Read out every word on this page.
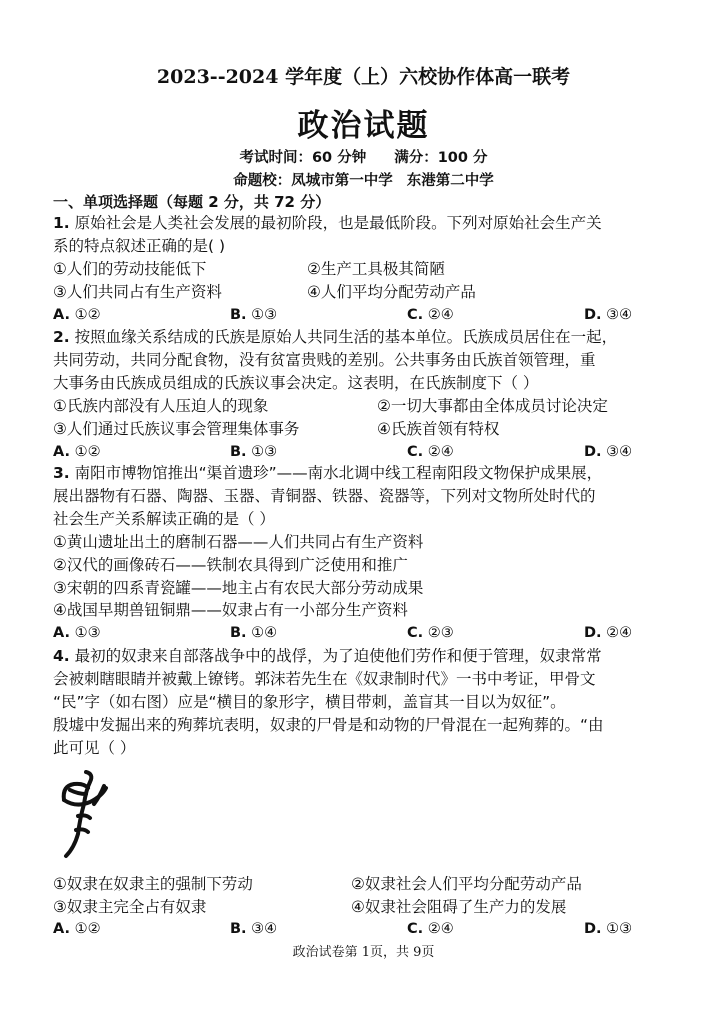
2023--2024 学年度（上）六校协作体高一联考
政治试题
考试时间：60 分钟 满分：100 分
命题校：凤城市第一中学 东港第二中学
一、单项选择题（每题 2 分，共 72 分）
1. 原始社会是人类社会发展的最初阶段，也是最低阶段。下列对原始社会生产关
系的特点叙述正确的是( )
①人们的劳动技能低下	②生产工具极其简陋
③人们共同占有生产资料	④人们平均分配劳动产品
A. ①②	B. ①③	C. ②④	D. ③④
2. 按照血缘关系结成的氏族是原始人共同生活的基本单位。氏族成员居住在一起，
共同劳动，共同分配食物，没有贫富贵贱的差别。公共事务由氏族首领管理，重
大事务由氏族成员组成的氏族议事会决定。这表明，在氏族制度下（ ）
①氏族内部没有人压迫人的现象	②一切大事都由全体成员讨论决定
③人们通过氏族议事会管理集体事务	④氏族首领有特权
A. ①②	B. ①③	C. ②④	D. ③④
3. 南阳市博物馆推出“渠首遗珍”——南水北调中线工程南阳段文物保护成果展，
展出器物有石器、陶器、玉器、青铜器、铁器、瓷器等，下列对文物所处时代的
社会生产关系解读正确的是（ ）
①黄山遗址出土的磨制石器——人们共同占有生产资料
②汉代的画像砖石——铁制农具得到广泛使用和推广
③宋朝的四系青瓷罐——地主占有农民大部分劳动成果
④战国早期兽钮铜鼎——奴隶占有一小部分生产资料
A. ①③	B. ①④	C. ②③	D. ②④
4. 最初的奴隶来自部落战争中的战俘，为了迫使他们劳作和便于管理，奴隶常常
会被刺瞎眼睛并被戴上镣铐。郭沫若先生在《奴隶制时代》一书中考证，甲骨文
“民”字（如右图）应是“横目的象形字，横目带刺，盖盲其一目以为奴征”。
殷墟中发掘出来的殉葬坑表明，奴隶的尸骨是和动物的尸骨混在一起殉葬的。“由
此可见（ ）
①奴隶在奴隶主的强制下劳动	②奴隶社会人们平均分配劳动产品
③奴隶主完全占有奴隶	④奴隶社会阻碍了生产力的发展
A. ①②	B. ③④	C. ②④	D. ①③
政治试卷第 1页，共 9页
